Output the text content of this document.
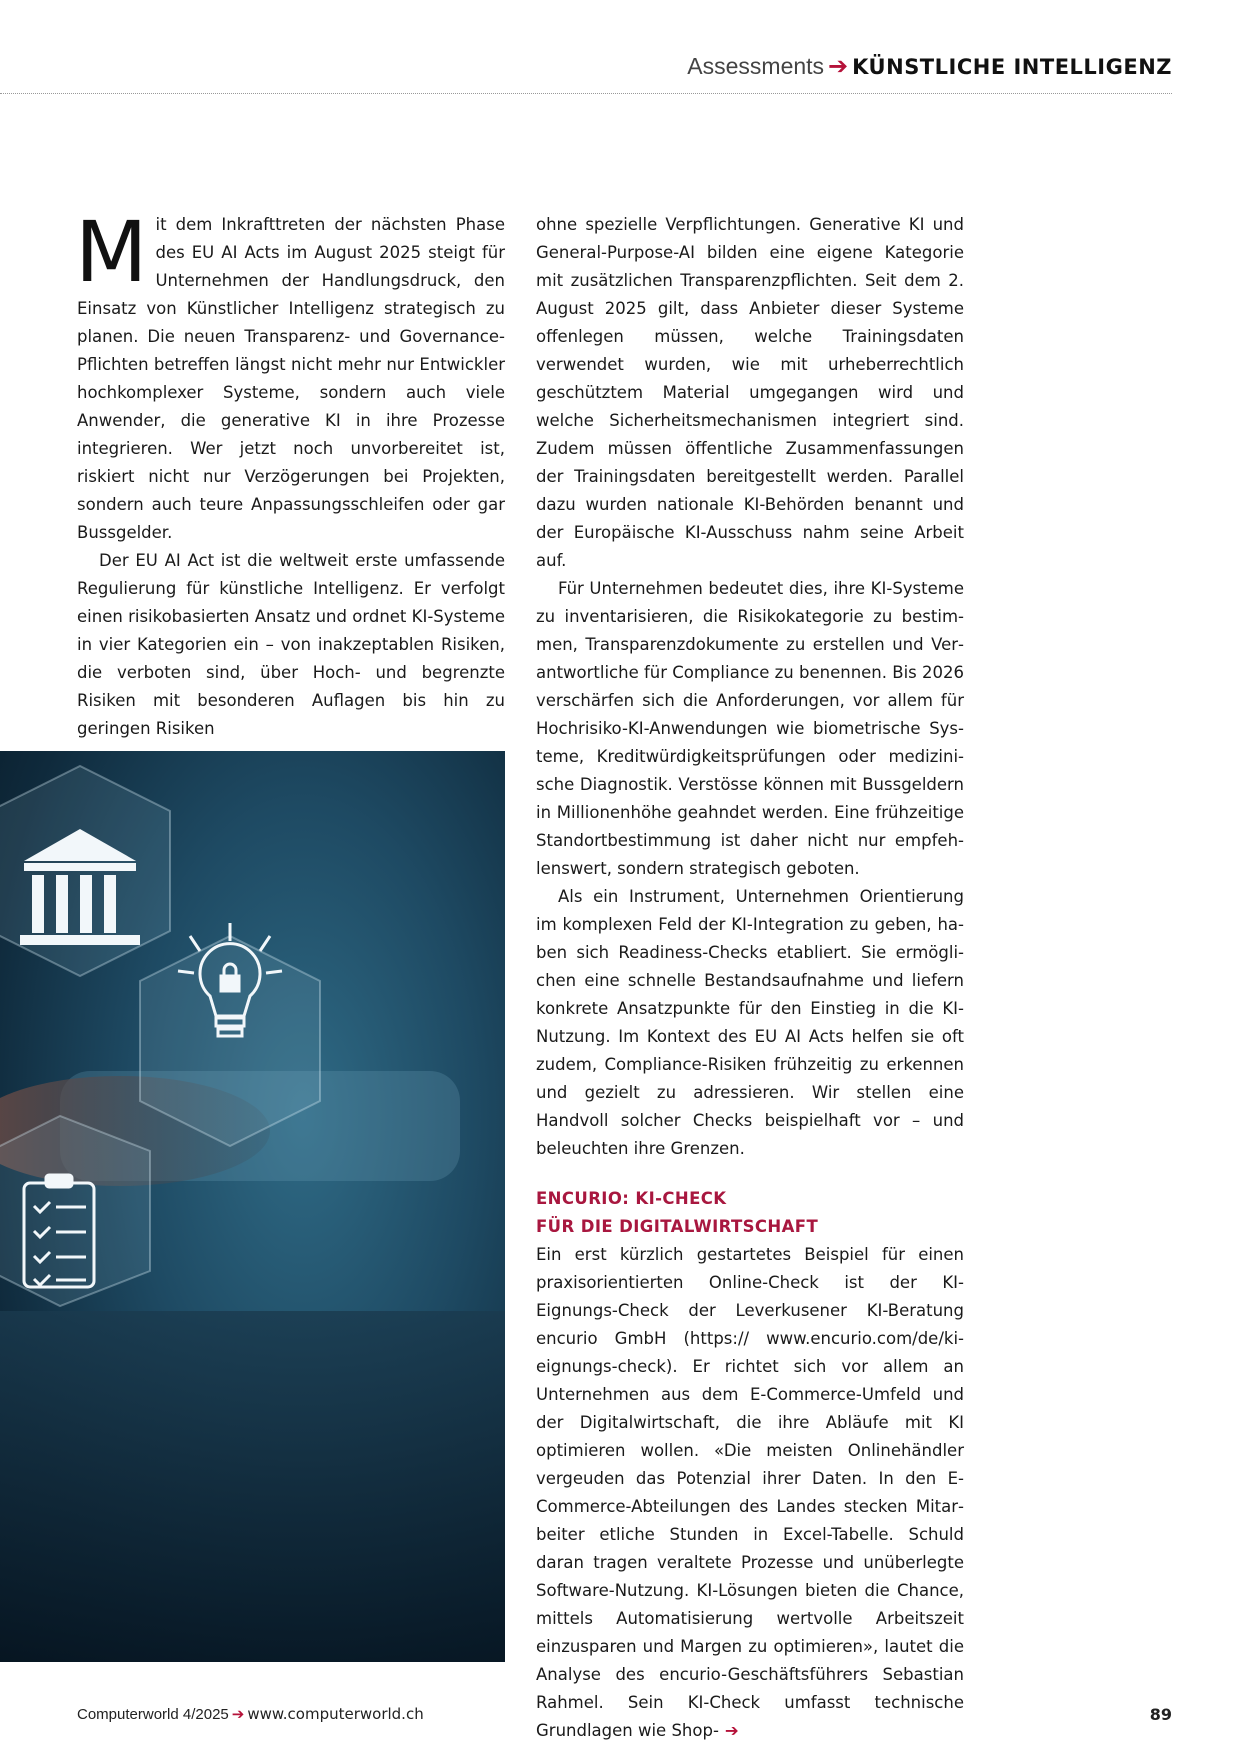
Assessments ➔ KÜNSTLICHE INTELLIGENZ

Mit dem Inkrafttreten der nächsten Phase des EU AI Acts im August 2025 steigt für Unternehmen der Handlungsdruck, den Einsatz von Künstlicher Intelligenz strategisch zu planen. Die neuen Transparenz- und Governance-Pflichten betreffen längst nicht mehr nur Entwickler hochkomplexer Systeme, sondern auch viele Anwender, die generative KI in ihre Prozesse integrieren. Wer jetzt noch unvorbereitet ist, riskiert nicht nur Verzögerungen bei Projekten, sondern auch teure Anpassungsschleifen oder gar Bussgelder.

Der EU AI Act ist die weltweit erste umfassende Regulierung für künstliche Intelligenz. Er verfolgt einen risikobasierten Ansatz und ordnet KI-Systeme in vier Kategorien ein – von inakzeptablen Risiken, die verboten sind, über Hoch- und begrenzte Risiken mit besonderen Auflagen bis hin zu geringen Risiken

ohne spezielle Verpflichtungen. Generative KI und General-Purpose-AI bilden eine eigene Kategorie mit zusätzlichen Transparenzpflichten. Seit dem 2. August 2025 gilt, dass Anbieter dieser Systeme offenlegen müssen, welche Trainingsdaten verwendet wurden, wie mit urheberrechtlich geschütztem Material umgegangen wird und welche Sicherheitsmechanismen integriert sind. Zudem müssen öffentliche Zusammenfassungen der Trainingsdaten bereitgestellt werden. Parallel dazu wurden nationale KI-Behörden benannt und der Europäische KI-Ausschuss nahm seine Arbeit auf.

Für Unternehmen bedeutet dies, ihre KI-Systeme zu inventarisieren, die Risikokategorie zu bestimmen, Transparenzdokumente zu erstellen und Verantwortliche für Compliance zu benennen. Bis 2026 verschärfen sich die Anforderungen, vor allem für Hochrisiko-KI-Anwendungen wie biometrische Systeme, Kreditwürdigkeitsprüfungen oder medizinische Diagnostik. Verstösse können mit Bussgeldern in Millionenhöhe geahndet werden. Eine frühzeitige Standortbestimmung ist daher nicht nur empfehlenswert, sondern strategisch geboten.

Als ein Instrument, Unternehmen Orientierung im komplexen Feld der KI-Integration zu geben, haben sich Readiness-Checks etabliert. Sie ermöglichen eine schnelle Bestandsaufnahme und liefern konkrete Ansatzpunkte für den Einstieg in die KI-Nutzung. Im Kontext des EU AI Acts helfen sie oft zudem, Compliance-Risiken frühzeitig zu erkennen und gezielt zu adressieren. Wir stellen eine Handvoll solcher Checks beispielhaft vor – und beleuchten ihre Grenzen.

ENCURIO: KI-CHECK
FÜR DIE DIGITALWIRTSCHAFT

Ein erst kürzlich gestartetes Beispiel für einen praxisorientierten Online-Check ist der KI-Eignungs-Check der Leverkusener KI-Beratung encurio GmbH (https:// www.encurio.com/de/ki-eignungs-check). Er richtet sich vor allem an Unternehmen aus dem E-Commerce-Umfeld und der Digitalwirtschaft, die ihre Abläufe mit KI optimieren wollen. «Die meisten Onlinehändler vergeuden das Potenzial ihrer Daten. In den E-Commerce-Abteilungen des Landes stecken Mitarbeiter etliche Stunden in Excel-Tabelle. Schuld daran tragen veraltete Prozesse und unüberlegte Software-Nutzung. KI-Lösungen bieten die Chance, mittels Automatisierung wertvolle Arbeitszeit einzusparen und Margen zu optimieren», lautet die Analyse des encurio-Geschäftsführers Sebastian Rahmel. Sein KI-Check umfasst technische Grundlagen wie Shop- ➔

Computerworld 4/2025 ➔ www.computerworld.ch	89
